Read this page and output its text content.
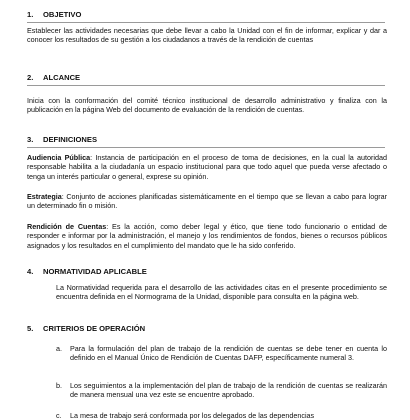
1. OBJETIVO
Establecer las actividades necesarias que debe llevar a cabo la Unidad con el fin de informar, explicar y dar a conocer los resultados de su gestión a los ciudadanos a través de la rendición de cuentas
2. ALCANCE
Inicia con la conformación del comité técnico institucional de desarrollo administrativo y finaliza con la publicación en la página Web del documento de evaluación de la rendición de cuentas.
3. DEFINICIONES
Audiencia Pública: Instancia de participación en el proceso de toma de decisiones, en la cual la autoridad responsable habilita a la ciudadanía un espacio institucional para que todo aquel que pueda verse afectado o tenga un interés particular o general, exprese su opinión.
Estrategia: Conjunto de acciones planificadas sistemáticamente en el tiempo que se llevan a cabo para lograr un determinado fin o misión.
Rendición de Cuentas: Es la acción, como deber legal y ético, que tiene todo funcionario o entidad de responder e informar por la administración, el manejo y los rendimientos de fondos, bienes o recursos públicos asignados y los resultados en el cumplimiento del mandato que le ha sido conferido.
4. NORMATIVIDAD APLICABLE
La Normatividad requerida para el desarrollo de las actividades citas en el presente procedimiento se encuentra definida en el Normograma de la Unidad, disponible para consulta en la página web.
5. CRITERIOS DE OPERACIÓN
a. Para la formulación del plan de trabajo de la rendición de cuentas se debe tener en cuenta lo definido en el Manual Único de Rendición de Cuentas DAFP, específicamente numeral 3.
b. Los seguimientos a la implementación del plan de trabajo de la rendición de cuentas se realizarán de manera mensual una vez este se encuentre aprobado.
c. La mesa de trabajo será conformada por los delegados de las dependencias
